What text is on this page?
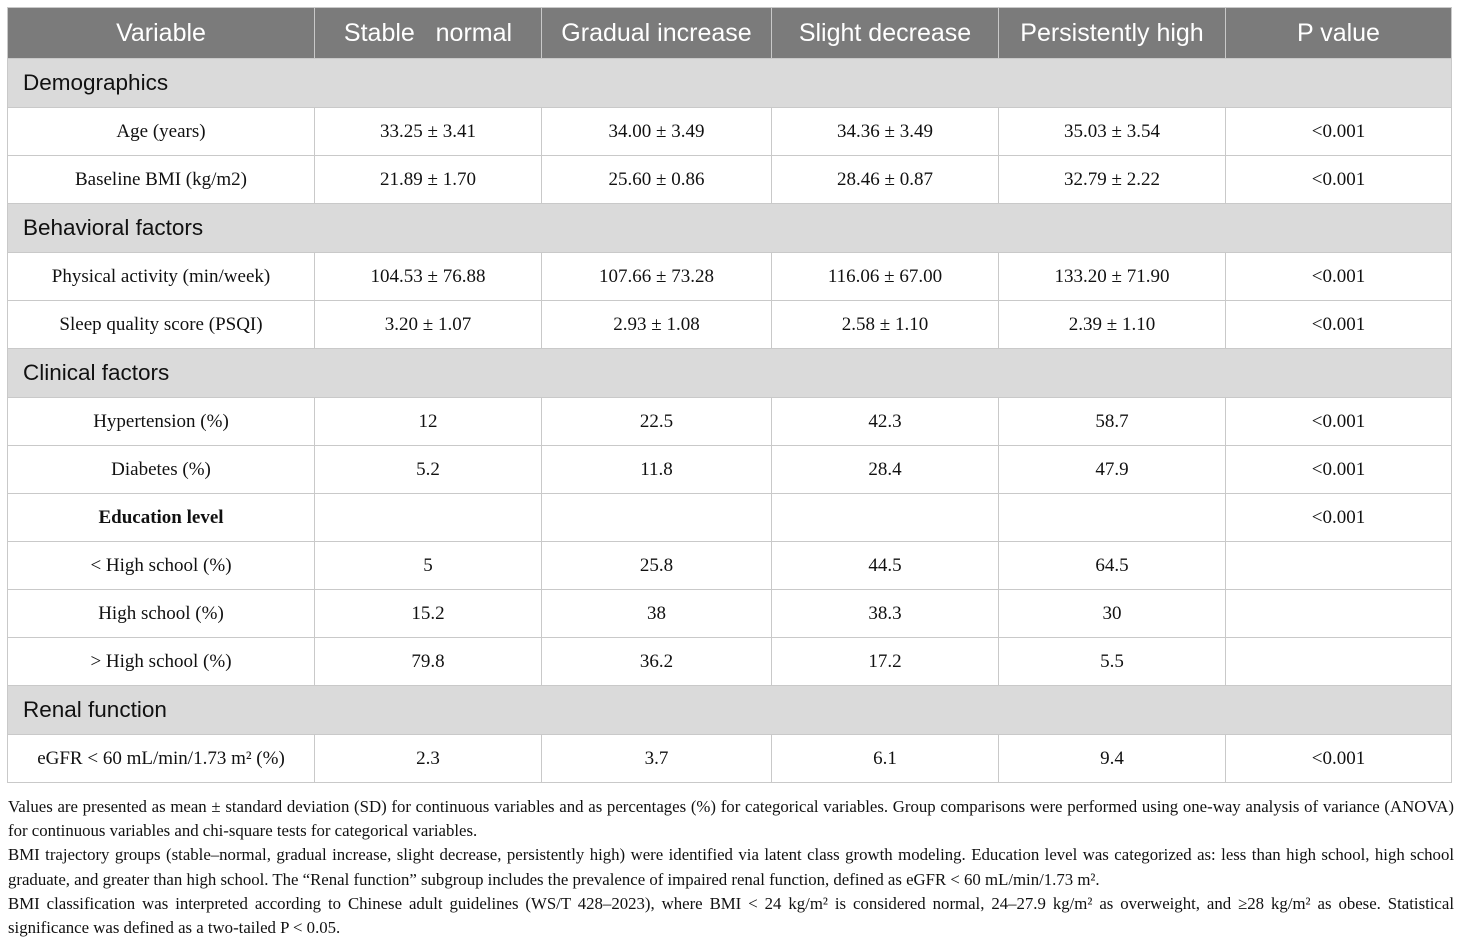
Variable	Stable   normal	Gradual increase	Slight decrease	Persistently high	P value
Demographics					
Age (years)	33.25 ± 3.41	34.00 ± 3.49	34.36 ± 3.49	35.03 ± 3.54	<0.001
Baseline BMI (kg/m2)	21.89 ± 1.70	25.60 ± 0.86	28.46 ± 0.87	32.79 ± 2.22	<0.001
Behavioral factors					
Physical activity (min/week)	104.53 ± 76.88	107.66 ± 73.28	116.06 ± 67.00	133.20 ± 71.90	<0.001
Sleep quality score (PSQI)	3.20 ± 1.07	2.93 ± 1.08	2.58 ± 1.10	2.39 ± 1.10	<0.001
Clinical factors					
Hypertension (%)	12	22.5	42.3	58.7	<0.001
Diabetes (%)	5.2	11.8	28.4	47.9	<0.001
Education level					<0.001
< High school (%)	5	25.8	44.5	64.5	
High school (%)	15.2	38	38.3	30	
> High school (%)	79.8	36.2	17.2	5.5	
Renal function					
eGFR < 60 mL/min/1.73 m² (%)	2.3	3.7	6.1	9.4	<0.001

Values are presented as mean ± standard deviation (SD) for continuous variables and as percentages (%) for categorical variables. Group comparisons were performed using one-way analysis of variance (ANOVA) for continuous variables and chi-square tests for categorical variables.

BMI trajectory groups (stable–normal, gradual increase, slight decrease, persistently high) were identified via latent class growth modeling. Education level was categorized as: less than high school, high school graduate, and greater than high school. The “Renal function” subgroup includes the prevalence of impaired renal function, defined as eGFR < 60 mL/min/1.73 m².

BMI classification was interpreted according to Chinese adult guidelines (WS/T 428–2023), where BMI < 24 kg/m² is considered normal, 24–27.9 kg/m² as overweight, and ≥28 kg/m² as obese. Statistical significance was defined as a two-tailed P < 0.05.
